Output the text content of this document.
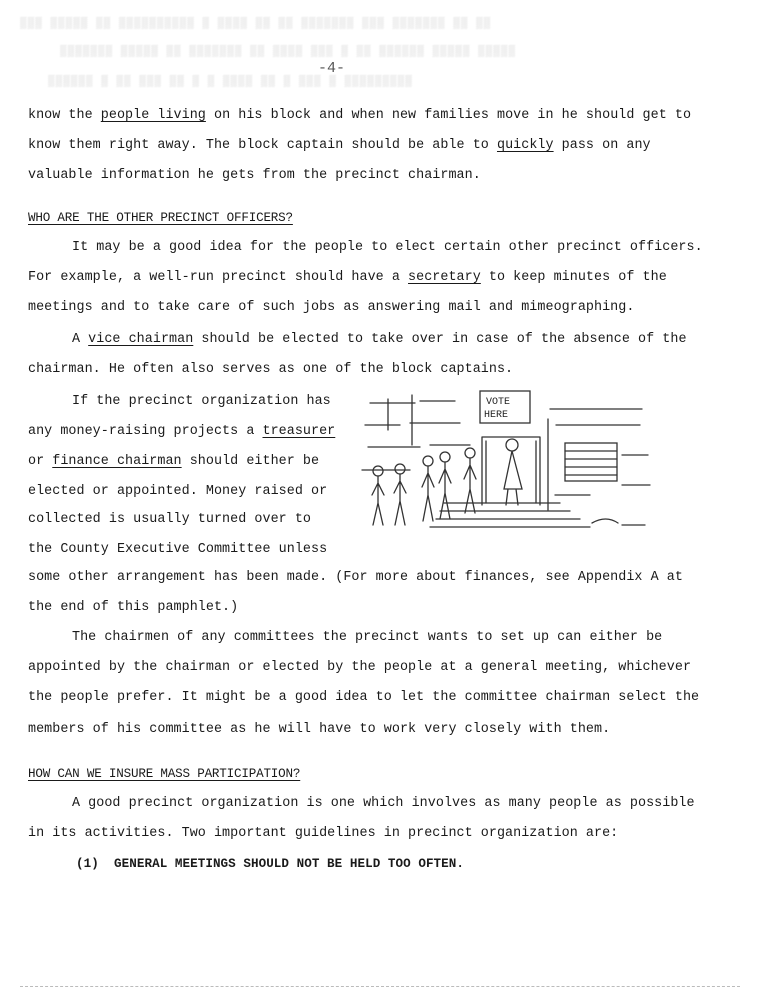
▒▒▒ ▒▒▒▒▒ ▒▒ ▒▒▒▒▒▒▒▒▒▒ ▒ ▒▒▒▒ ▒▒ ▒▒ ▒▒▒▒▒▒▒ ▒▒▒ ▒▒▒▒▒▒▒ ▒▒ ▒▒
▒▒▒▒▒▒▒ ▒▒▒▒▒ ▒▒ ▒▒▒▒▒▒▒ ▒▒ ▒▒▒▒ ▒▒▒ ▒ ▒▒ ▒▒▒▒▒▒ ▒▒▒▒▒ ▒▒▒▒▒
▒▒▒▒▒▒ ▒ ▒▒ ▒▒▒ ▒▒ ▒ ▒ ▒▒▒▒ ▒▒ ▒ ▒▒▒ ▒ ▒▒▒▒▒▒▒▒▒
-4-
know the people living on his block and when new families move in he should get to
know them right away. The block captain should be able to quickly pass on any
valuable information he gets from the precinct chairman.
WHO ARE THE OTHER PRECINCT OFFICERS?
It may be a good idea for the people to elect certain other precinct officers.
For example, a well-run precinct should have a secretary to keep minutes of the
meetings and to take care of such jobs as answering mail and mimeographing.
A vice chairman should be elected to take over in case of the absence of the
chairman. He often also serves as one of the block captains.
If the precinct organization has
any money-raising projects a treasurer
or finance chairman should either be
elected or appointed. Money raised or
collected is usually turned over to
the County Executive Committee unless
some other arrangement has been made. (For more about finances, see Appendix A at
the end of this pamphlet.)
VOTE
HERE
The chairmen of any committees the precinct wants to set up can either be
appointed by the chairman or elected by the people at a general meeting, whichever
the people prefer. It might be a good idea to let the committee chairman select the
members of his committee as he will have to work very closely with them.
HOW CAN WE INSURE MASS PARTICIPATION?
A good precinct organization is one which involves as many people as possible
in its activities. Two important guidelines in precinct organization are:
(1) GENERAL MEETINGS SHOULD NOT BE HELD TOO OFTEN.
